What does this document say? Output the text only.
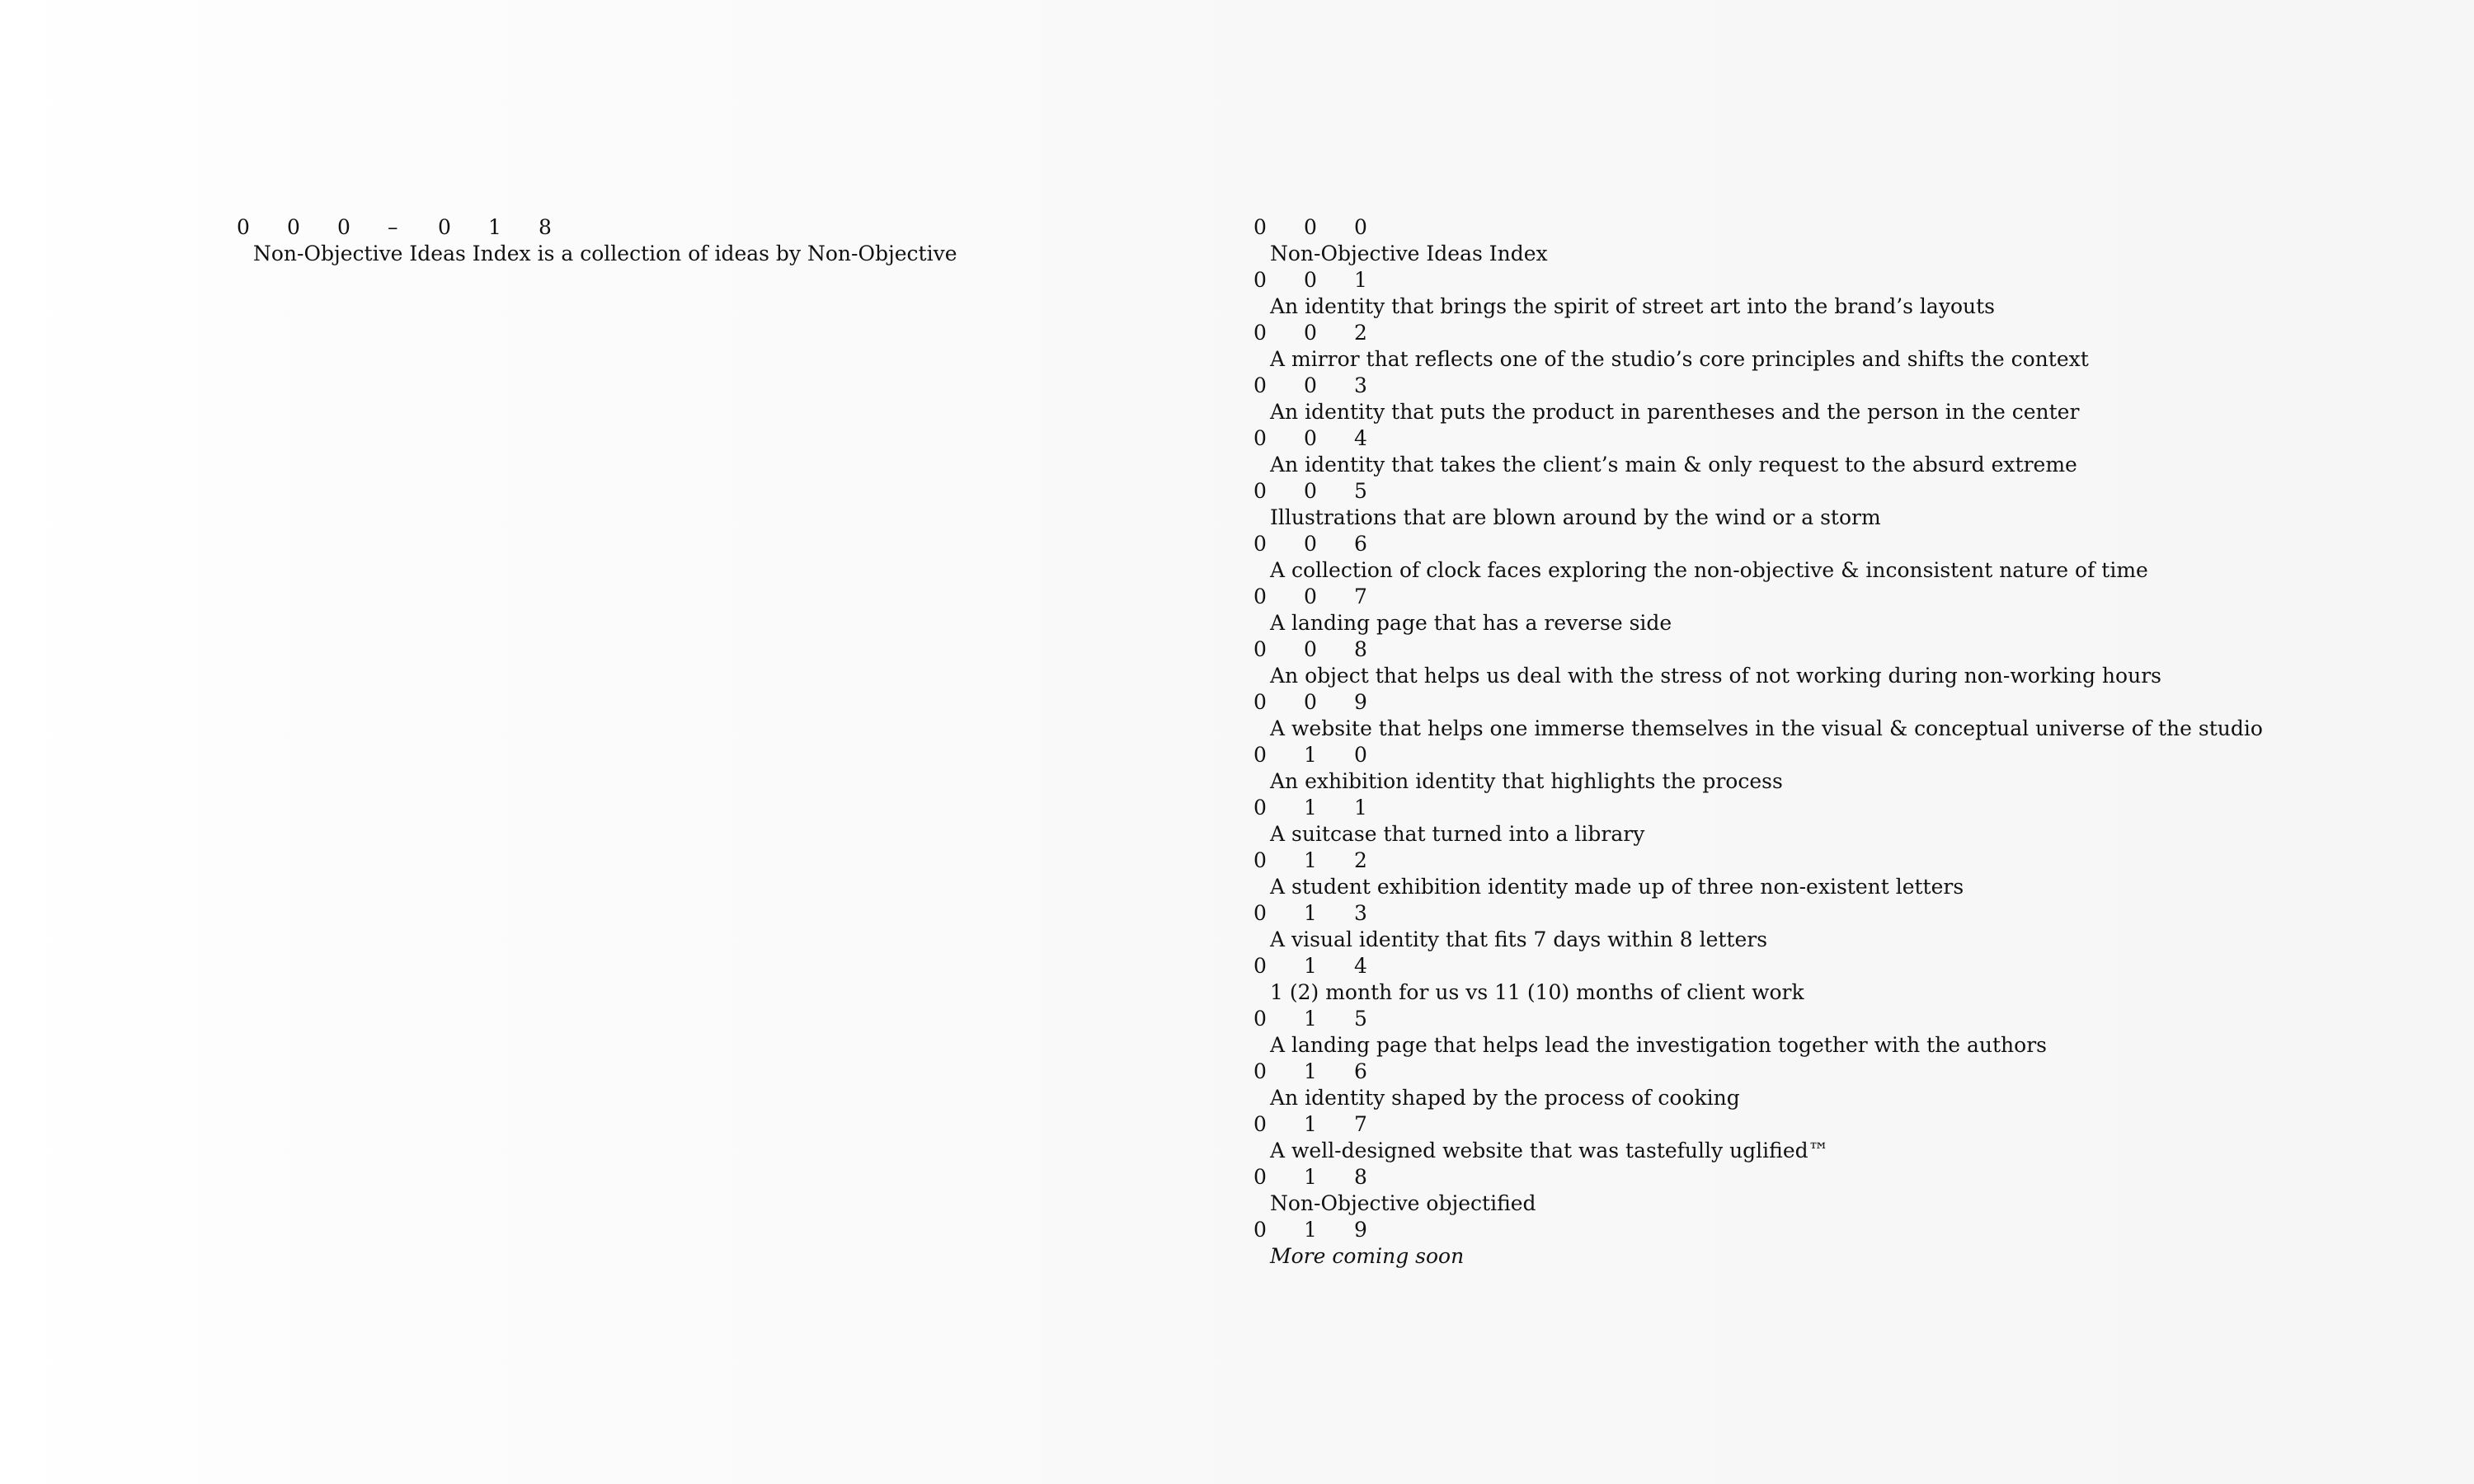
0	0	0	–	0	1	8
Non-Objective Ideas Index is a collection of ideas by Non-Objective
0	0	0
Non-Objective Ideas Index
0	0	1
An identity that brings the spirit of street art into the brand’s layouts
0	0	2
A mirror that reflects one of the studio’s core principles and shifts the context
0	0	3
An identity that puts the product in parentheses and the person in the center
0	0	4
An identity that takes the client’s main & only request to the absurd extreme
0	0	5
Illustrations that are blown around by the wind or a storm
0	0	6
A collection of clock faces exploring the non-objective & inconsistent nature of time
0	0	7
A landing page that has a reverse side
0	0	8
An object that helps us deal with the stress of not working during non-working hours
0	0	9
A website that helps one immerse themselves in the visual & conceptual universe of the studio
0	1	0
An exhibition identity that highlights the process
0	1	1
A suitcase that turned into a library
0	1	2
A student exhibition identity made up of three non-existent letters
0	1	3
A visual identity that fits 7 days within 8 letters
0	1	4
1 (2) month for us vs 11 (10) months of client work
0	1	5
A landing page that helps lead the investigation together with the authors
0	1	6
An identity shaped by the process of cooking
0	1	7
A well-designed website that was tastefully uglified™
0	1	8
Non-Objective objectified
0	1	9
More coming soon
